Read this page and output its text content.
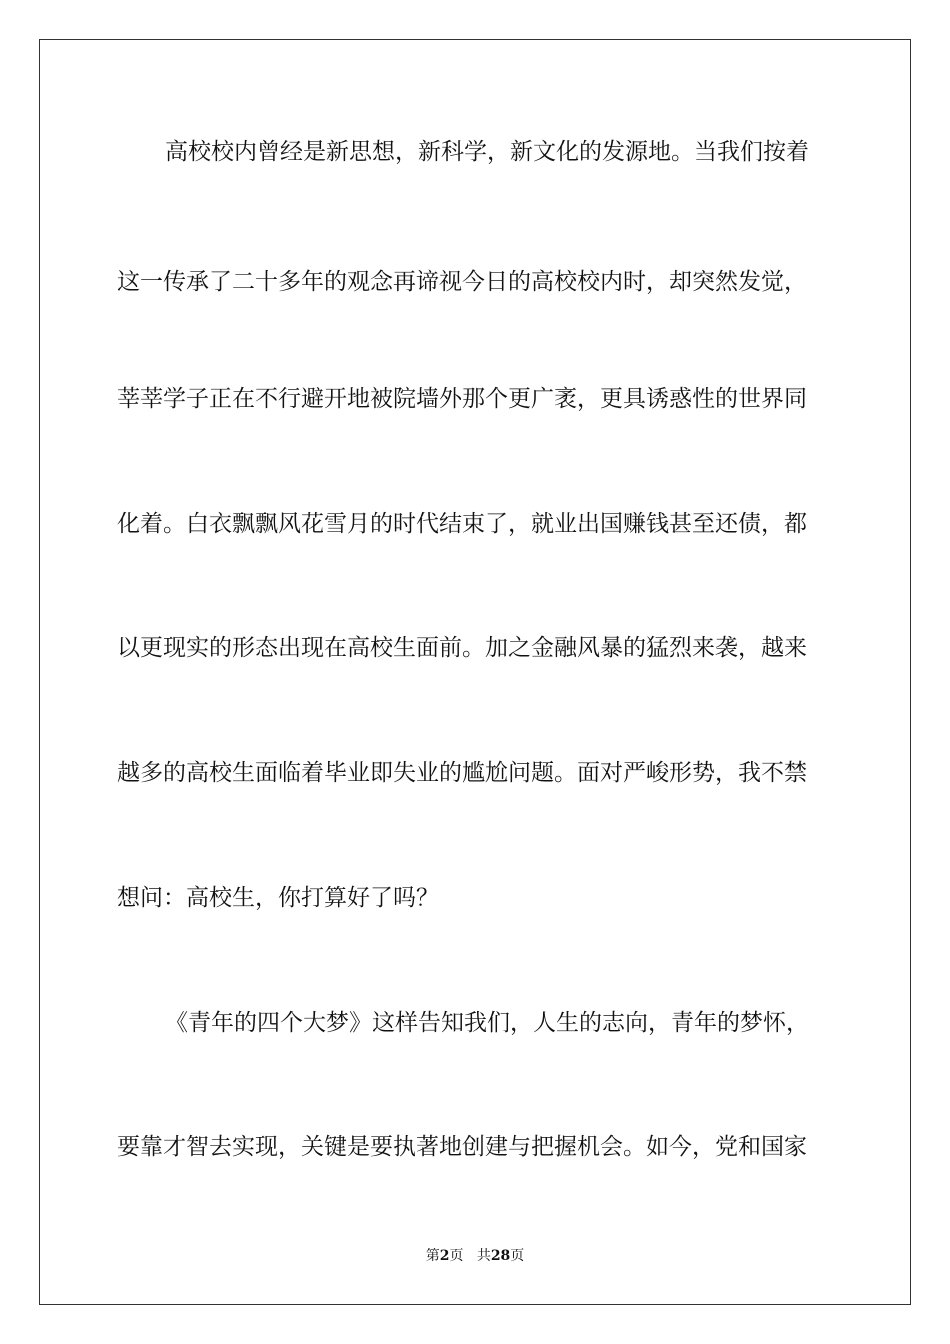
高校校内曾经是新思想，新科学，新文化的发源地。当我们按着
这一传承了二十多年的观念再谛视今日的高校校内时，却突然发觉，
莘莘学子正在不行避开地被院墙外那个更广袤，更具诱惑性的世界同
化着。白衣飘飘风花雪月的时代结束了，就业出国赚钱甚至还债，都
以更现实的形态出现在高校生面前。加之金融风暴的猛烈来袭，越来
越多的高校生面临着毕业即失业的尴尬问题。面对严峻形势，我不禁
想问：高校生，你打算好了吗？
《青年的四个大梦》这样告知我们，人生的志向，青年的梦怀，
要靠才智去实现，关键是要执著地创建与把握机会。如今，党和国家
第2页 共28页
